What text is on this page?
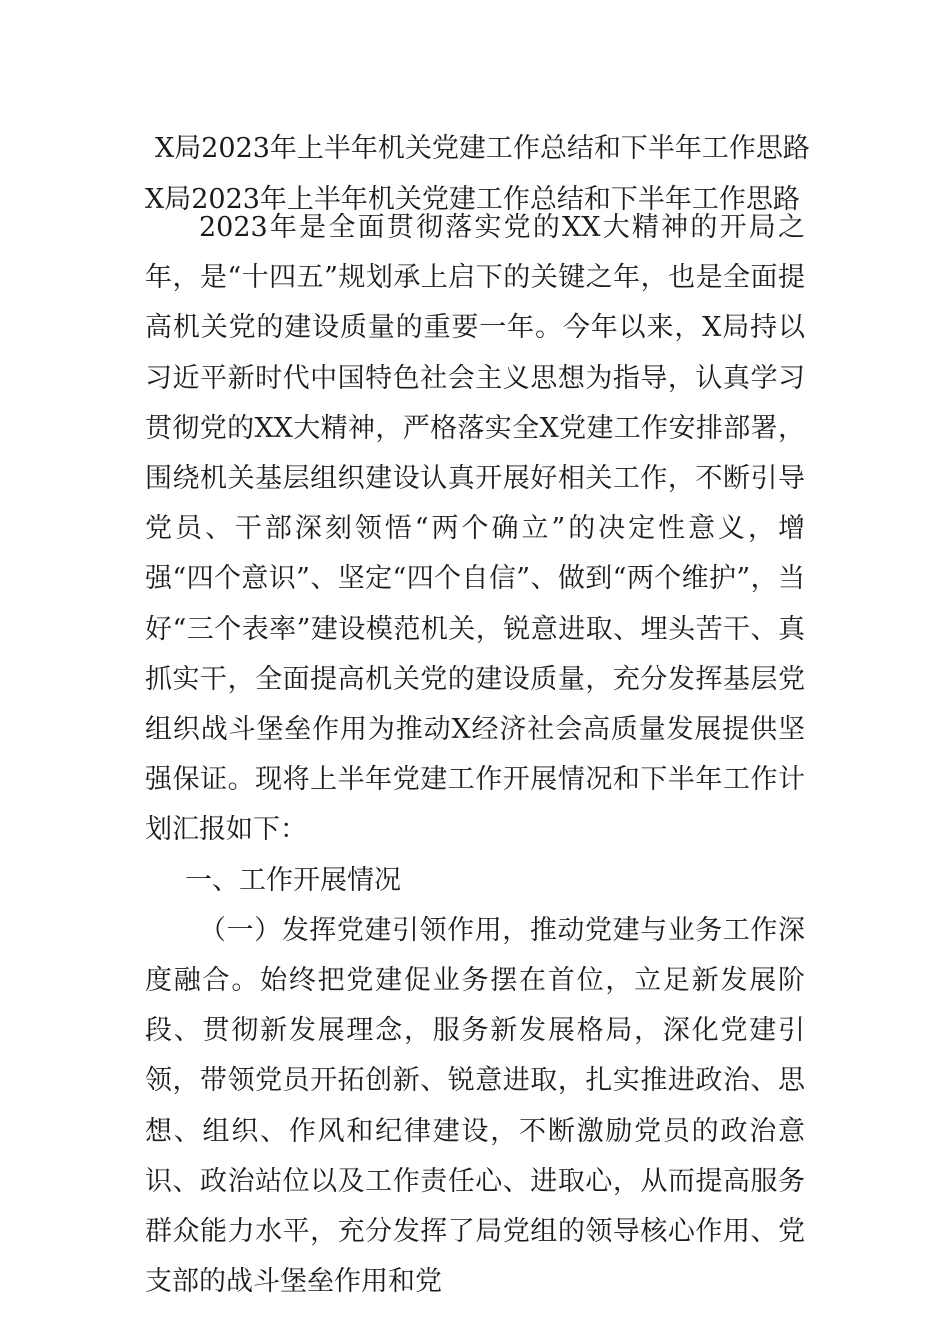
X局2023年上半年机关党建工作总结和下半年工作思路
X局2023年上半年机关党建工作总结和下半年工作思路

2023年是全面贯彻落实党的XX大精神的开局之年，是“十四五”规划承上启下的关键之年，也是全面提高机关党的建设质量的重要一年。今年以来，X局持以习近平新时代中国特色社会主义思想为指导，认真学习贯彻党的XX大精神，严格落实全X党建工作安排部署，围绕机关基层组织建设认真开展好相关工作，不断引导党员、干部深刻领悟“两个确立”的决定性意义，增强“四个意识”、坚定“四个自信”、做到“两个维护”，当好“三个表率”建设模范机关，锐意进取、埋头苦干、真抓实干，全面提高机关党的建设质量，充分发挥基层党组织战斗堡垒作用为推动X经济社会高质量发展提供坚强保证。现将上半年党建工作开展情况和下半年工作计划汇报如下：

一、工作开展情况

（一）发挥党建引领作用，推动党建与业务工作深度融合。始终把党建促业务摆在首位，立足新发展阶段、贯彻新发展理念，服务新发展格局，深化党建引领，带领党员开拓创新、锐意进取，扎实推进政治、思想、组织、作风和纪律建设，不断激励党员的政治意识、政治站位以及工作责任心、进取心，从而提高服务群众能力水平，充分发挥了局党组的领导核心作用、党支部的战斗堡垒作用和党
